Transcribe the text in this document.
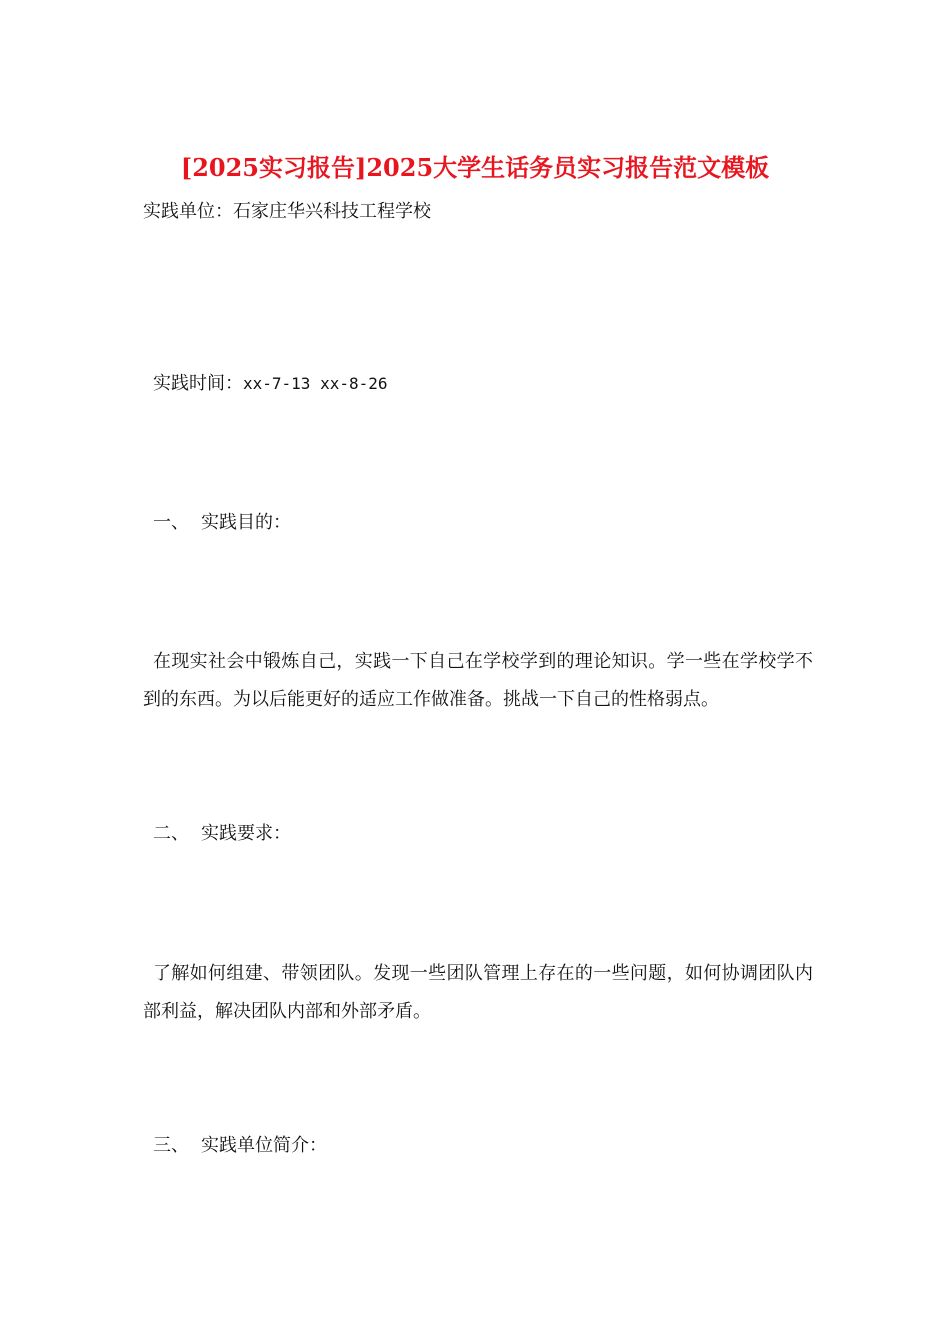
[2025实习报告]2025大学生话务员实习报告范文模板
实践单位：石家庄华兴科技工程学校
实践时间：xx-7-13 xx-8-26
一、 实践目的：
在现实社会中锻炼自己，实践一下自己在学校学到的理论知识。学一些在学校学不到的东西。为以后能更好的适应工作做准备。挑战一下自己的性格弱点。
二、 实践要求：
了解如何组建、带领团队。发现一些团队管理上存在的一些问题，如何协调团队内部利益，解决团队内部和外部矛盾。
三、 实践单位简介：
